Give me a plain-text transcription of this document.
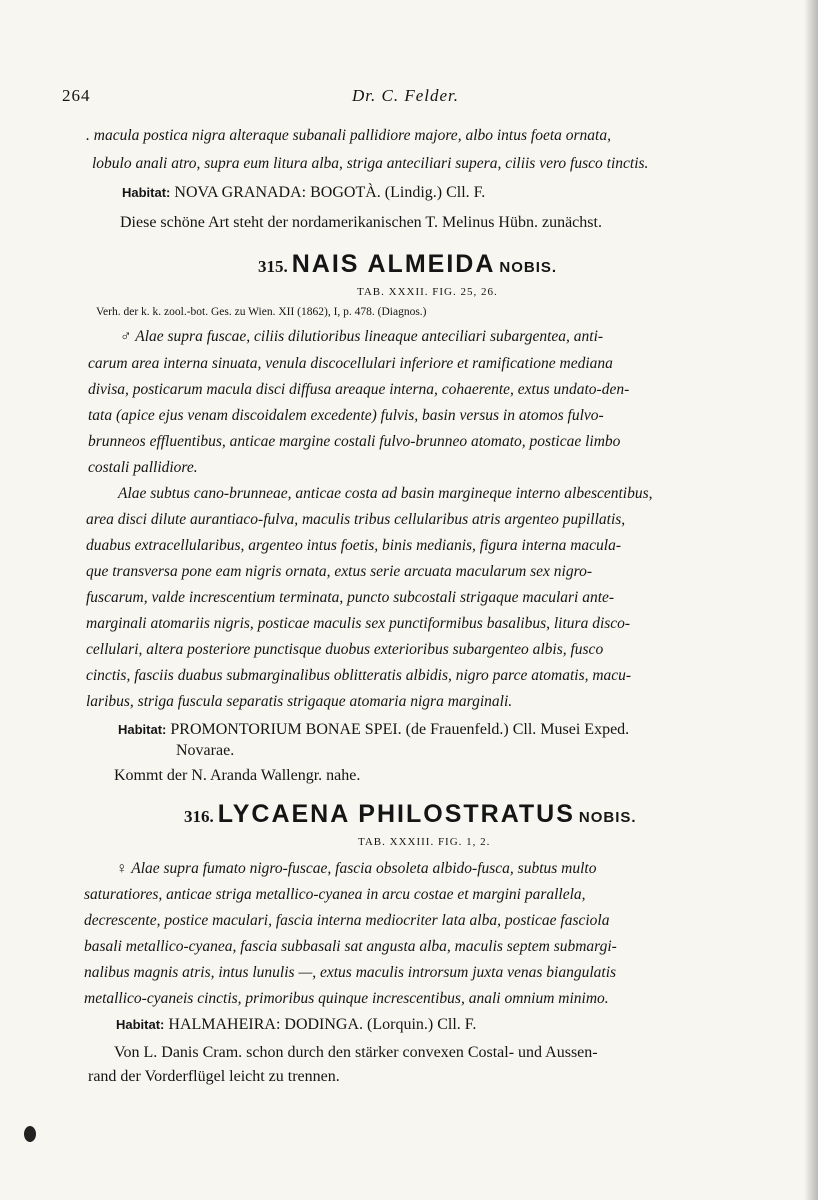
264	Dr. C. Felder.
. macula postica nigra alteraque subanali pallidiore majore, albo intus foeta ornata,
lobulo anali atro, supra eum litura alba, striga anteciliari supera, ciliis vero fusco tinctis.
Habitat: NOVA GRANADA: BOGOTÀ. (Lindig.) Cll. F.
Diese schöne Art steht der nordamerikanischen T. Melinus Hübn. zunächst.
315. NAIS ALMEIDA NOBIS.
TAB. XXXII. FIG. 25, 26.
Verh. der k. k. zool.-bot. Ges. zu Wien. XII (1862), I, p. 478. (Diagnos.)
♂ Alae supra fuscae, ciliis dilutioribus lineaque anteciliari subargentea, anti-
carum area interna sinuata, venula discocellulari inferiore et ramificatione mediana
divisa, posticarum macula disci diffusa areaque interna, cohaerente, extus undato-den-
tata (apice ejus venam discoidalem excedente) fulvis, basin versus in atomos fulvo-
brunneos effluentibus, anticae margine costali fulvo-brunneo atomato, posticae limbo
costali pallidiore.
Alae subtus cano-brunneae, anticae costa ad basin margineque interno albescentibus,
area disci dilute aurantiaco-fulva, maculis tribus cellularibus atris argenteo pupillatis,
duabus extracellularibus, argenteo intus foetis, binis medianis, figura interna macula-
que transversa pone eam nigris ornata, extus serie arcuata macularum sex nigro-
fuscarum, valde increscentium terminata, puncto subcostali strigaque maculari ante-
marginali atomariis nigris, posticae maculis sex punctiformibus basalibus, litura disco-
cellulari, altera posteriore punctisque duobus exterioribus subargenteo albis, fusco
cinctis, fasciis duabus submarginalibus oblitteratis albidis, nigro parce atomatis, macu-
laribus, striga fuscula separatis strigaque atomaria nigra marginali.
Habitat: PROMONTORIUM BONAE SPEI. (de Frauenfeld.) Cll. Musei Exped.
Novarae.
Kommt der N. Aranda Wallengr. nahe.
316. LYCAENA PHILOSTRATUS NOBIS.
TAB. XXXIII. FIG. 1, 2.
♀ Alae supra fumato nigro-fuscae, fascia obsoleta albido-fusca, subtus multo
saturatiores, anticae striga metallico-cyanea in arcu costae et margini parallela,
decrescente, postice maculari, fascia interna mediocriter lata alba, posticae fasciola
basali metallico-cyanea, fascia subbasali sat angusta alba, maculis septem submargi-
nalibus magnis atris, intus lunulis —, extus maculis introrsum juxta venas biangulatis
metallico-cyaneis cinctis, primoribus quinque increscentibus, anali omnium minimo.
Habitat: HALMAHEIRA: DODINGA. (Lorquin.) Cll. F.
Von L. Danis Cram. schon durch den stärker convexen Costal- und Aussen-
rand der Vorderflügel leicht zu trennen.
